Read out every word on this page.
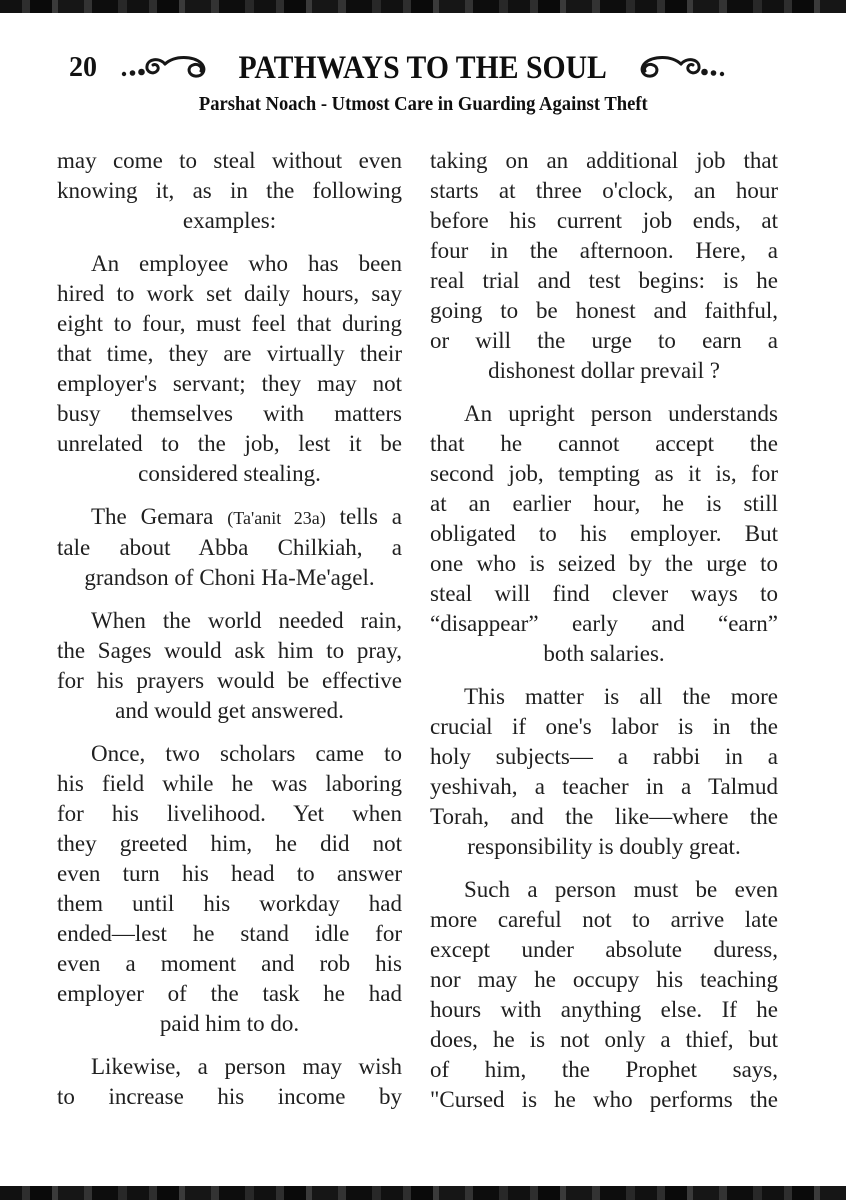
20	PATHWAYS TO THE SOUL
Parshat Noach - Utmost Care in Guarding Against Theft
may come to steal without even
knowing it, as in the following
examples:
An employee who has been
hired to work set daily hours, say
eight to four, must feel that during
that time, they are virtually their
employer's servant; they may not
busy themselves with matters
unrelated to the job, lest it be
considered stealing.
The Gemara (Ta'anit 23a) tells a
tale about Abba Chilkiah, a
grandson of Choni Ha-Me'agel.
When the world needed rain,
the Sages would ask him to pray,
for his prayers would be effective
and would get answered.
Once, two scholars came to
his field while he was laboring
for his livelihood. Yet when
they greeted him, he did not
even turn his head to answer
them until his workday had
ended—lest he stand idle for
even a moment and rob his
employer of the task he had
paid him to do.
Likewise, a person may wish
to increase his income by
taking on an additional job that
starts at three o'clock, an hour
before his current job ends, at
four in the afternoon. Here, a
real trial and test begins: is he
going to be honest and faithful,
or will the urge to earn a
dishonest dollar prevail ?
An upright person understands
that he cannot accept the
second job, tempting as it is, for
at an earlier hour, he is still
obligated to his employer. But
one who is seized by the urge to
steal will find clever ways to
“disappear” early and “earn”
both salaries.
This matter is all the more
crucial if one's labor is in the
holy subjects— a rabbi in a
yeshivah, a teacher in a Talmud
Torah, and the like—where the
responsibility is doubly great.
Such a person must be even
more careful not to arrive late
except under absolute duress,
nor may he occupy his teaching
hours with anything else. If he
does, he is not only a thief, but
of him, the Prophet says,
"Cursed is he who performs the
